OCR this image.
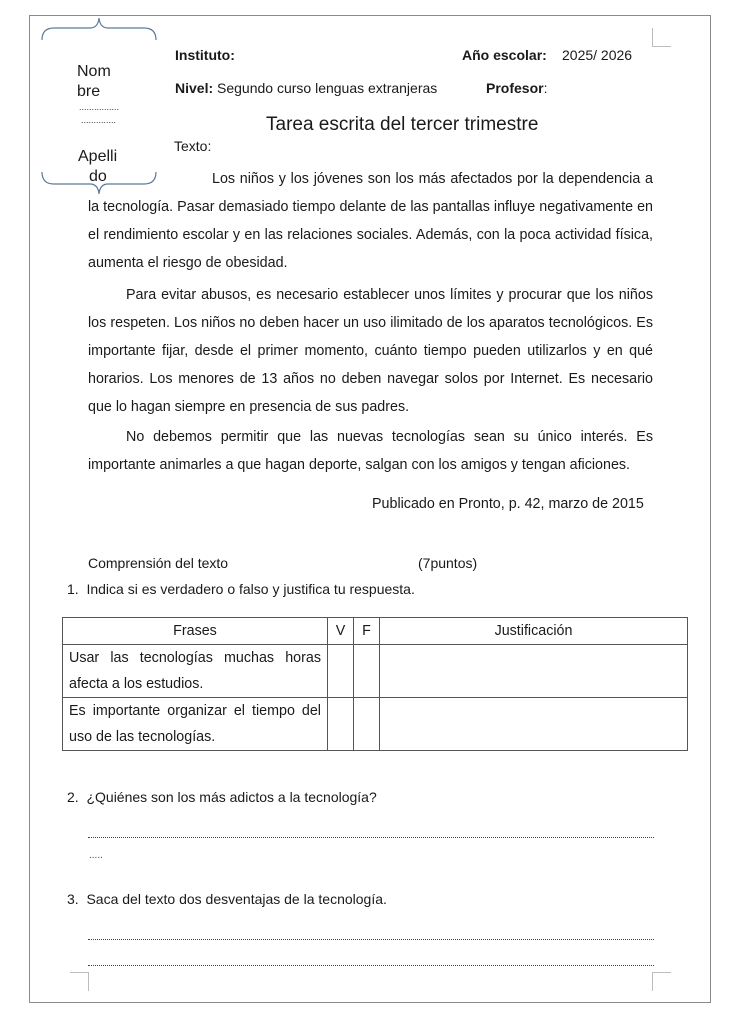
Nom
bre
................
..............
Apelli
do
Instituto:	Año escolar: 2025/ 2026
Nivel: Segundo curso lenguas extranjeras	Profesor:
Tarea escrita del tercer trimestre
Texto:
Los niños y los jóvenes son los más afectados por la dependencia a la tecnología. Pasar demasiado tiempo delante de las pantallas influye negativamente en el rendimiento escolar y en las relaciones sociales. Además, con la poca actividad física, aumenta el riesgo de obesidad.
Para evitar abusos, es necesario establecer unos límites y procurar que los niños los respeten. Los niños no deben hacer un uso ilimitado de los aparatos tecnológicos. Es importante fijar, desde el primer momento, cuánto tiempo pueden utilizarlos y en qué horarios. Los menores de 13 años no deben navegar solos por Internet. Es necesario que lo hagan siempre en presencia de sus padres.
No debemos permitir que las nuevas tecnologías sean su único interés. Es importante animarles a que hagan deporte, salgan con los amigos y tengan aficiones.
Publicado en Pronto, p. 42, marzo de 2015
Comprensión del texto	(7puntos)
1. Indica si es verdadero o falso y justifica tu respuesta.
Frases	V	F	Justificación
Usar las tecnologías muchas horas afecta a los estudios.			
Es importante organizar el tiempo del uso de las tecnologías.			
2. ¿Quiénes son los más adictos a la tecnología?
.....
3. Saca del texto dos desventajas de la tecnología.
